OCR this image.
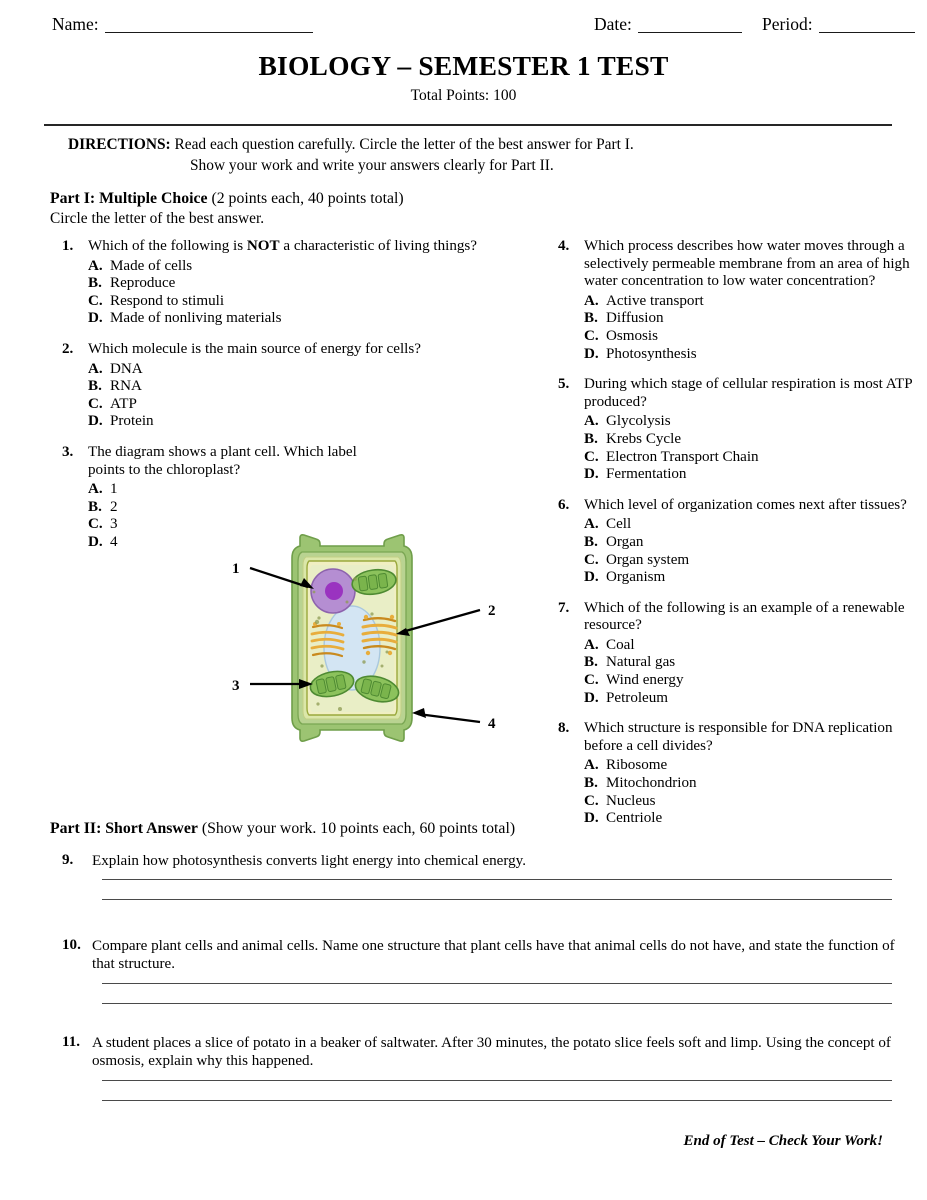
Name:	Date:	Period:
BIOLOGY – SEMESTER 1 TEST
Total Points: 100
DIRECTIONS: Read each question carefully. Circle the letter of the best answer for Part I.
Show your work and write your answers clearly for Part II.
Part I: Multiple Choice (2 points each, 40 points total)
Circle the letter of the best answer.
1. Which of the following is NOT a characteristic of living things?
A. Made of cells
B. Reproduce
C. Respond to stimuli
D. Made of nonliving materials
2. Which molecule is the main source of energy for cells?
A. DNA
B. RNA
C. ATP
D. Protein
3. The diagram shows a plant cell. Which label points to the chloroplast?
A. 1
B. 2
C. 3
D. 4
4. Which process describes how water moves through a selectively permeable membrane from an area of high water concentration to low water concentration?
A. Active transport
B. Diffusion
C. Osmosis
D. Photosynthesis
5. During which stage of cellular respiration is most ATP produced?
A. Glycolysis
B. Krebs Cycle
C. Electron Transport Chain
D. Fermentation
6. Which level of organization comes next after tissues?
A. Cell
B. Organ
C. Organ system
D. Organism
7. Which of the following is an example of a renewable resource?
A. Coal
B. Natural gas
C. Wind energy
D. Petroleum
8. Which structure is responsible for DNA replication before a cell divides?
A. Ribosome
B. Mitochondrion
C. Nucleus
D. Centriole
1
3
2
4
Part II: Short Answer (Show your work. 10 points each, 60 points total)
9.	Explain how photosynthesis converts light energy into chemical energy.
10. Compare plant cells and animal cells. Name one structure that plant cells have that animal cells do not have, and state the function of that structure.
11. A student places a slice of potato in a beaker of saltwater. After 30 minutes, the potato slice feels soft and limp. Using the concept of osmosis, explain why this happened.
End of Test – Check Your Work!
